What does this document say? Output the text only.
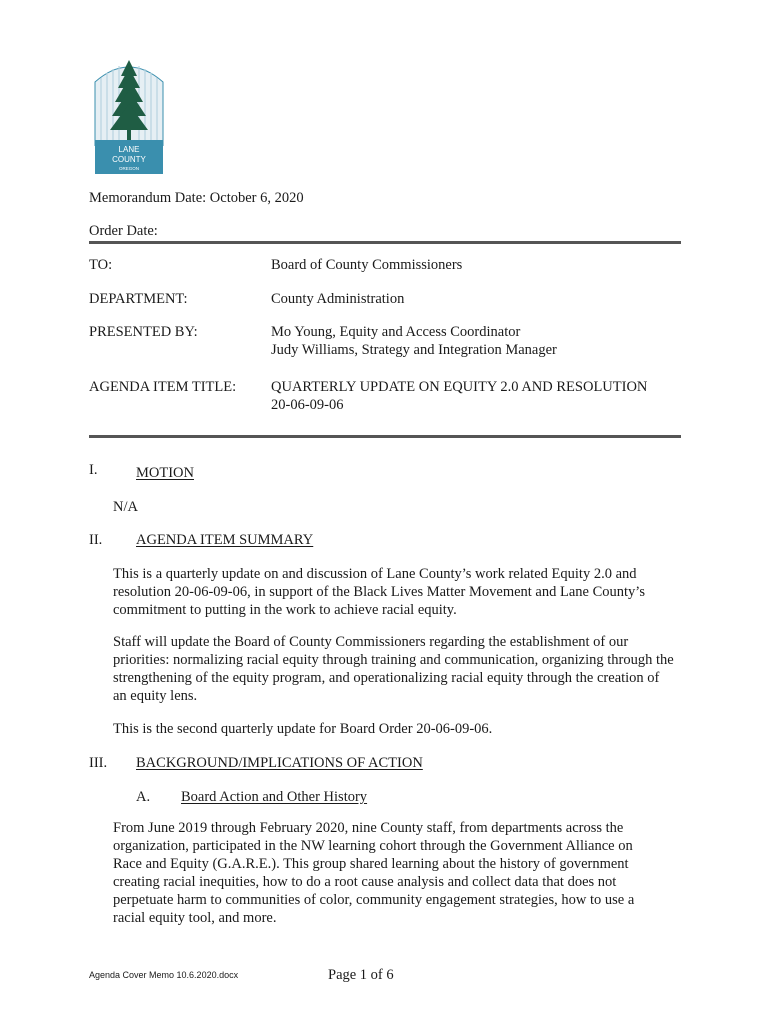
LANE
COUNTY
OREGON
Memorandum Date: October 6, 2020
Order Date:
TO:	Board of County Commissioners
DEPARTMENT:	County Administration
PRESENTED BY:	Mo Young, Equity and Access Coordinator
Judy Williams, Strategy and Integration Manager
AGENDA ITEM TITLE: QUARTERLY UPDATE ON EQUITY 2.0 AND RESOLUTION
20-06-09-06
I.	MOTION
N/A
II. AGENDA ITEM SUMMARY
This is a quarterly update on and discussion of Lane County’s work related Equity 2.0 and
resolution 20-06-09-06, in support of the Black Lives Matter Movement and Lane County’s
commitment to putting in the work to achieve racial equity.
Staff will update the Board of County Commissioners regarding the establishment of our
priorities: normalizing racial equity through training and communication, organizing through the
strengthening of the equity program, and operationalizing racial equity through the creation of
an equity lens.
This is the second quarterly update for Board Order 20-06-09-06.
III. BACKGROUND/IMPLICATIONS OF ACTION
A. Board Action and Other History
From June 2019 through February 2020, nine County staff, from departments across the
organization, participated in the NW learning cohort through the Government Alliance on
Race and Equity (G.A.R.E.). This group shared learning about the history of government
creating racial inequities, how to do a root cause analysis and collect data that does not
perpetuate harm to communities of color, community engagement strategies, how to use a
racial equity tool, and more.
Agenda Cover Memo 10.6.2020.docx	Page 1 of 6
